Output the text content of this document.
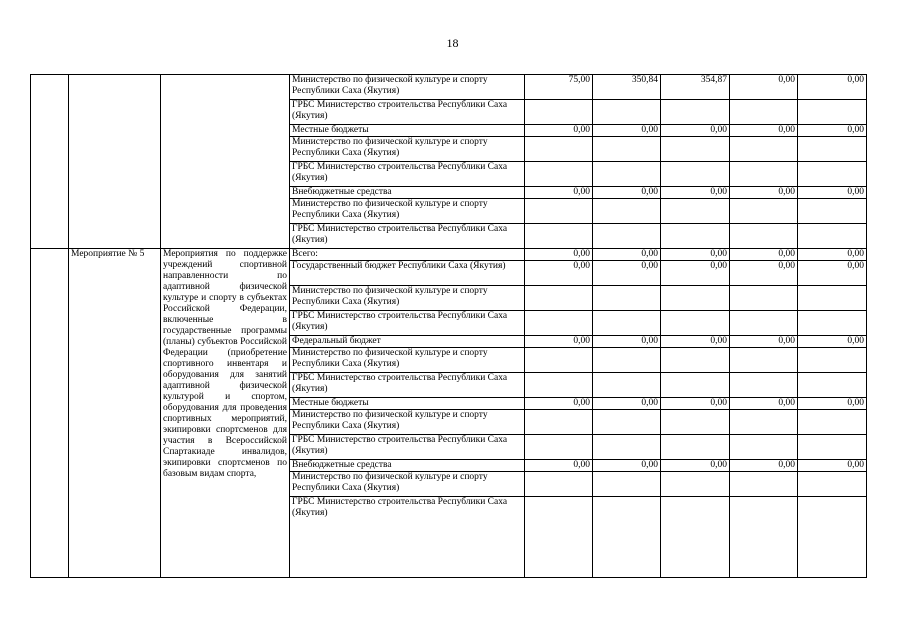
18
			Министерство по физической культуре и спорту Республики Саха (Якутия)	75,00	350,84	354,87	0,00	0,00
			ГРБС Министерство строительства Республики Саха (Якутия)					
			Местные бюджеты	0,00	0,00	0,00	0,00	0,00
			Министерство по физической культуре и спорту Республики Саха (Якутия)					
			ГРБС Министерство строительства Республики Саха (Якутия)					
			Внебюджетные средства	0,00	0,00	0,00	0,00	0,00
			Министерство по физической культуре и спорту Республики Саха (Якутия)					
			ГРБС Министерство строительства Республики Саха (Якутия)					
	Мероприятие № 5	Мероприятия по поддержке учреждений спортивной направленности по адаптивной физической культуре и спорту в субъектах Российской Федерации, включенные в государственные программы (планы) субъектов Российской Федерации (приобретение спортивного инвентаря и оборудования для занятий адаптивной физической культурой и спортом, оборудования для проведения спортивных мероприятий, экипировки спортсменов для участия в Всероссийской Спартакиаде инвалидов, экипировки спортсменов по базовым видам спорта,	Всего:	0,00	0,00	0,00	0,00	0,00
			Государственный бюджет Республики Саха (Якутия)	0,00	0,00	0,00	0,00	0,00
			Министерство по физической культуре и спорту Республики Саха (Якутия)					
			ГРБС Министерство строительства Республики Саха (Якутия)					
			Федеральный бюджет	0,00	0,00	0,00	0,00	0,00
			Министерство по физической культуре и спорту Республики Саха (Якутия)					
			ГРБС Министерство строительства Республики Саха (Якутия)					
			Местные бюджеты	0,00	0,00	0,00	0,00	0,00
			Министерство по физической культуре и спорту Республики Саха (Якутия)					
			ГРБС Министерство строительства Республики Саха (Якутия)					
			Внебюджетные средства	0,00	0,00	0,00	0,00	0,00
			Министерство по физической культуре и спорту Республики Саха (Якутия)					
			ГРБС Министерство строительства Республики Саха (Якутия)					
